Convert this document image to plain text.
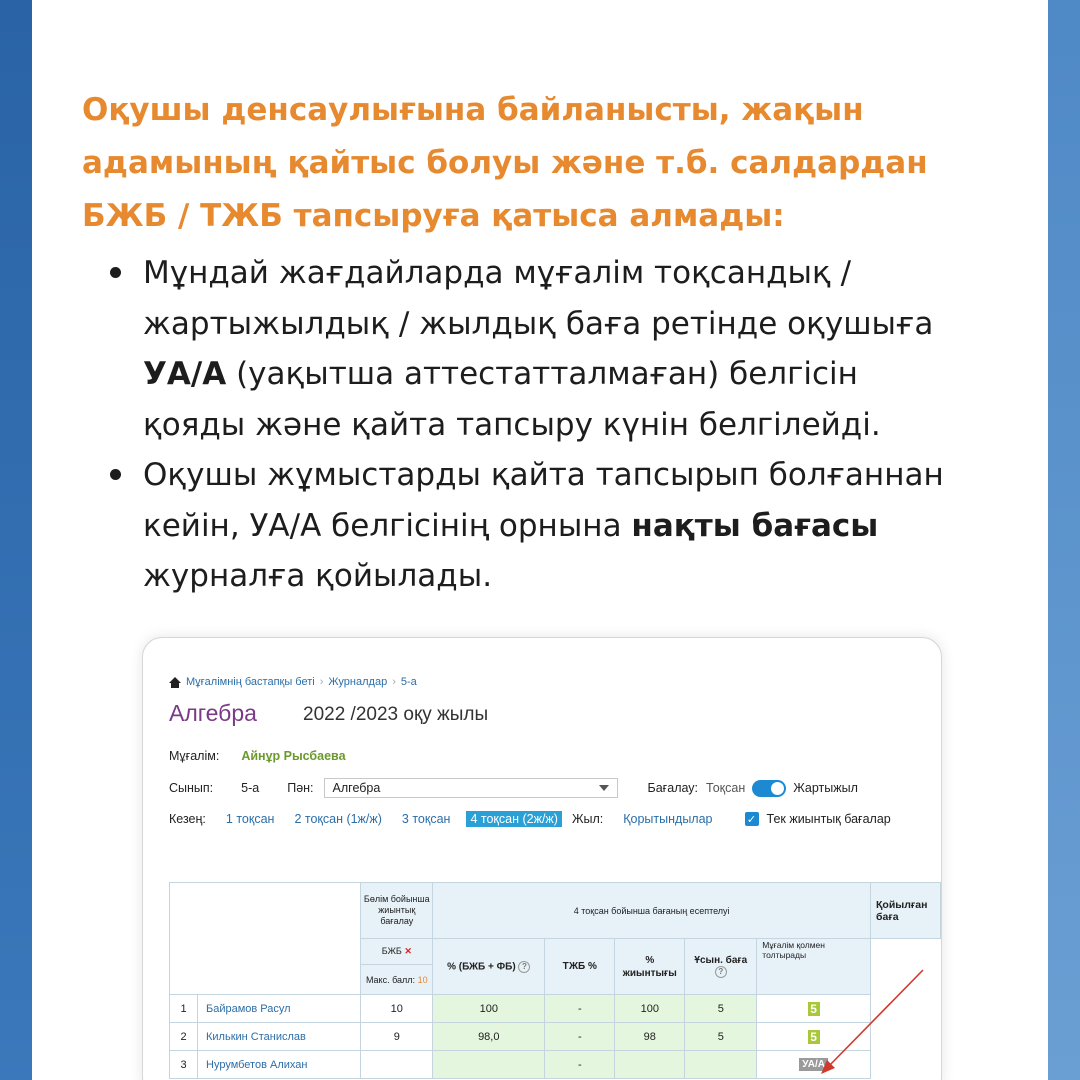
Оқушы денсаулығына байланысты, жақын адамының қайтыс болуы және т.б. салдардан БЖБ / ТЖБ тапсыруға қатыса алмады:
Мұндай жағдайларда мұғалім тоқсандық / жартыжылдық / жылдық баға ретінде оқушыға УА/А (уақытша аттестатталмаған) белгісін қояды және қайта тапсыру күнін белгілейді.
Оқушы жұмыстарды қайта тапсырып болғаннан кейін, УА/А белгісінің орнына нақты бағасы журналға қойылады.
Мұғалімнің бастапқы беті › Журналдар › 5-а
Алгебра 2022 /2023 оқу жылы
Мұғалім: Айнұр Рысбаева
Сынып: 5-а Пән: Алгебра	Бағалау: Тоқсан	Жартыжыл
Кезең: 1 тоқсан 2 тоқсан (1ж/ж) 3 тоқсан	4 тоқсан (2ж/ж)	Жыл: Қорытындылар	✓ Тек жиынтық бағалар
		Бөлім бойынша жиынтық бағалау	4 тоқсан бойынша бағаның есептелуі					Қойылған баға
		БЖБ ✕	% (БЖБ + ФБ) ?	ТЖБ %	% жиынтығы	Ұсын. баға ?	Мұғалім қолмен толтырады	
		Макс. балл: 10						
1	Байрамов Расул	10	100	-	100	5	5	
2	Килькин Станислав	9	98,0	-	98	5	5	
3	Нурумбетов Алихан			-			УА/А	
